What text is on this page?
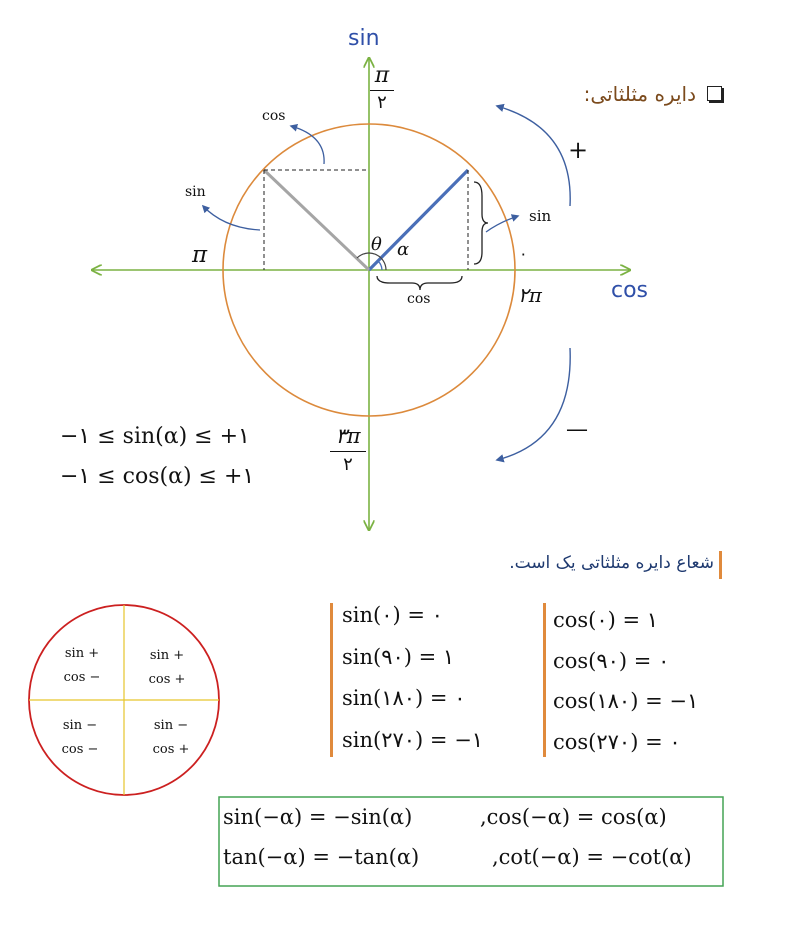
دایره مثلثاتی:
sin
cos
π
۲
π
۲π
۰
۳π
۲
θ α
sin
cos
cos
sin
+
—
−۱ ≤ sin(α) ≤ +۱
−۱ ≤ cos(α) ≤ +۱
شعاع دایره مثلثاتی یک است.
sin +
cos −
sin +
cos +
sin −
cos −
sin −
cos +
sin(۰) = ۰
sin(۹۰) = ۱
sin(۱۸۰) = ۰
sin(۲۷۰) = −۱
cos(۰) = ۱
cos(۹۰) = ۰
cos(۱۸۰) = −۱
cos(۲۷۰) = ۰
sin(−α) = −sin(α)	,cos(−α) = cos(α)
tan(−α) = −tan(α)	,cot(−α) = −cot(α)
